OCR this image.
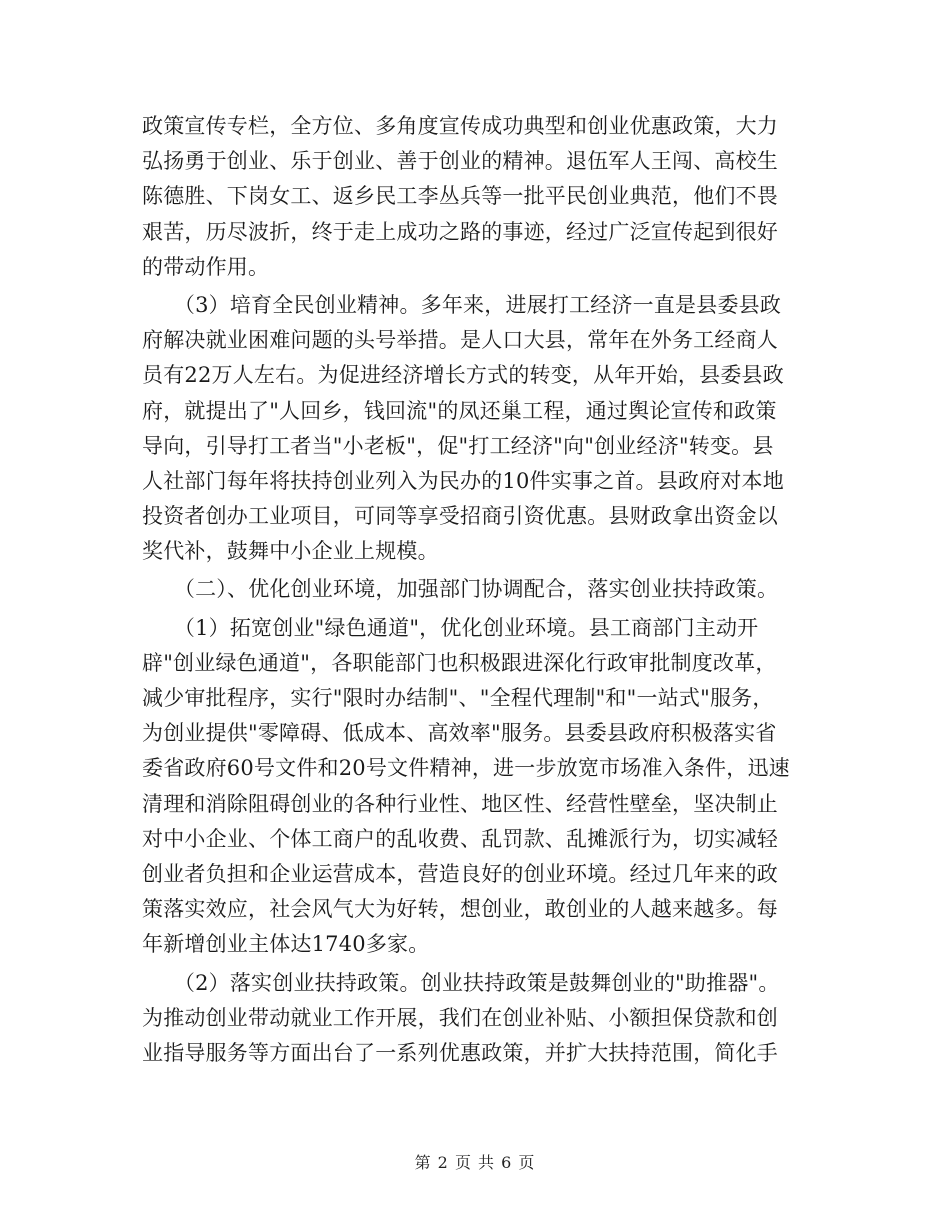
政策宣传专栏，全方位、多角度宣传成功典型和创业优惠政策，大力
弘扬勇于创业、乐于创业、善于创业的精神。退伍军人王闯、高校生
陈德胜、下岗女工、返乡民工李丛兵等一批平民创业典范，他们不畏
艰苦，历尽波折，终于走上成功之路的事迹，经过广泛宣传起到很好
的带动作用。
　　（3）培育全民创业精神。多年来，进展打工经济一直是县委县政
府解决就业困难问题的头号举措。是人口大县，常年在外务工经商人
员有22万人左右。为促进经济增长方式的转变，从年开始，县委县政
府，就提出了"人回乡，钱回流"的凤还巢工程，通过舆论宣传和政策
导向，引导打工者当"小老板"，促"打工经济"向"创业经济"转变。县
人社部门每年将扶持创业列入为民办的10件实事之首。县政府对本地
投资者创办工业项目，可同等享受招商引资优惠。县财政拿出资金以
奖代补，鼓舞中小企业上规模。
　　（二）、优化创业环境，加强部门协调配合，落实创业扶持政策。
　　（1）拓宽创业"绿色通道"，优化创业环境。县工商部门主动开
辟"创业绿色通道"，各职能部门也积极跟进深化行政审批制度改革，
减少审批程序，实行"限时办结制"、"全程代理制"和"一站式"服务，
为创业提供"零障碍、低成本、高效率"服务。县委县政府积极落实省
委省政府60号文件和20号文件精神，进一步放宽市场准入条件，迅速
清理和消除阻碍创业的各种行业性、地区性、经营性壁垒，坚决制止
对中小企业、个体工商户的乱收费、乱罚款、乱摊派行为，切实减轻
创业者负担和企业运营成本，营造良好的创业环境。经过几年来的政
策落实效应，社会风气大为好转，想创业，敢创业的人越来越多。每
年新增创业主体达1740多家。
　　（2）落实创业扶持政策。创业扶持政策是鼓舞创业的"助推器"。
为推动创业带动就业工作开展，我们在创业补贴、小额担保贷款和创
业指导服务等方面出台了一系列优惠政策，并扩大扶持范围，简化手
第 2 页 共 6 页
